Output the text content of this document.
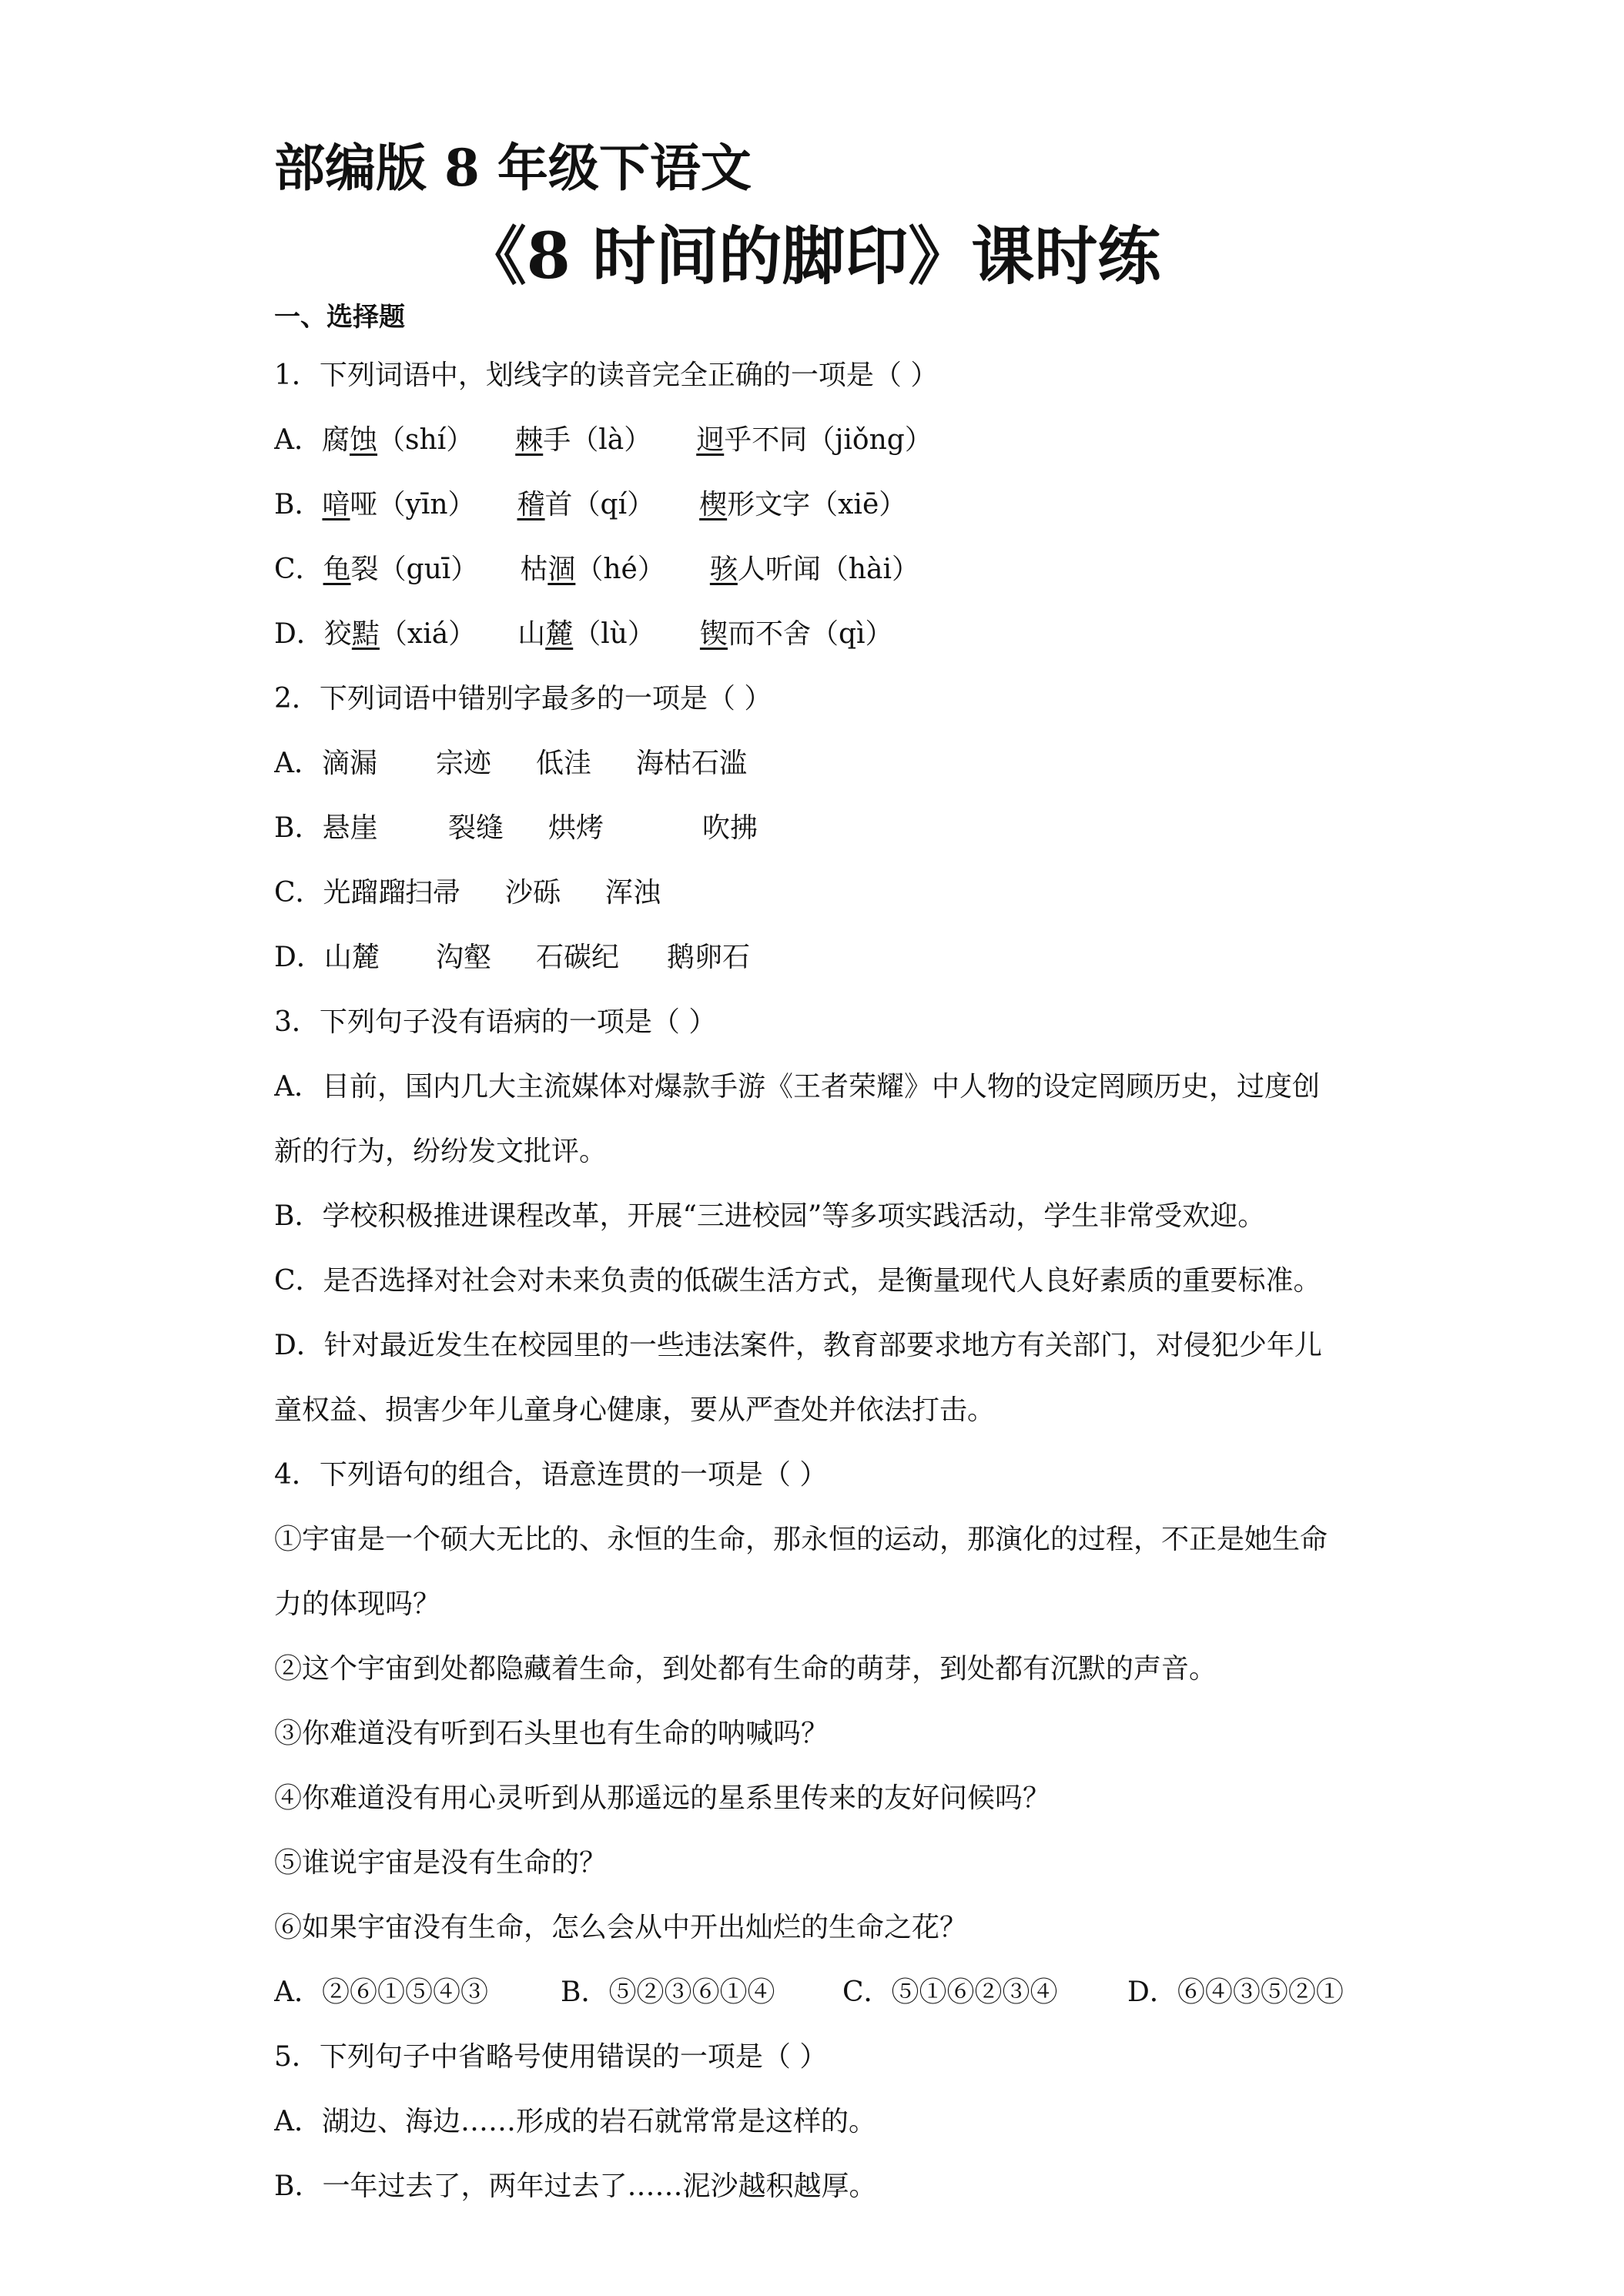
部编版 8 年级下语文
《8 时间的脚印》课时练
一、选择题
1．下列词语中，划线字的读音完全正确的一项是（ ）
A．腐蚀（shí） 棘手（là） 迥乎不同（jiǒng）
B．喑哑（yīn） 稽首（qí） 楔形文字（xiē）
C．龟裂（guī） 枯涸（hé） 骇人听闻（hài）
D．狡黠（xiá） 山麓（lù） 锲而不舍（qì）
2．下列词语中错别字最多的一项是（ ）
A．滴漏 宗迹 低洼 海枯石滥
B．悬崖	裂缝 烘烤	吹拂
C．光蹓蹓扫帚 沙砾 浑浊
D．山麓 沟壑 石碳纪 鹅卵石
3．下列句子没有语病的一项是（ ）
A．目前，国内几大主流媒体对爆款手游《王者荣耀》中人物的设定罔顾历史，过度创
新的行为，纷纷发文批评。
B．学校积极推进课程改革，开展“三进校园”等多项实践活动，学生非常受欢迎。
C．是否选择对社会对未来负责的低碳生活方式，是衡量现代人良好素质的重要标准。
D．针对最近发生在校园里的一些违法案件，教育部要求地方有关部门，对侵犯少年儿
童权益、损害少年儿童身心健康，要从严查处并依法打击。
4．下列语句的组合，语意连贯的一项是（ ）
①宇宙是一个硕大无比的、永恒的生命，那永恒的运动，那演化的过程，不正是她生命
力的体现吗？
②这个宇宙到处都隐藏着生命，到处都有生命的萌芽，到处都有沉默的声音。
③你难道没有听到石头里也有生命的呐喊吗？
④你难道没有用心灵听到从那遥远的星系里传来的友好问候吗？
⑤谁说宇宙是没有生命的？
⑥如果宇宙没有生命，怎么会从中开出灿烂的生命之花？
A．②⑥①⑤④③	B．⑤②③⑥①④ C．⑤①⑥②③④	D．⑥④③⑤②①
5．下列句子中省略号使用错误的一项是（ ）
A．湖边、海边……形成的岩石就常常是这样的。
B．一年过去了，两年过去了……泥沙越积越厚。
